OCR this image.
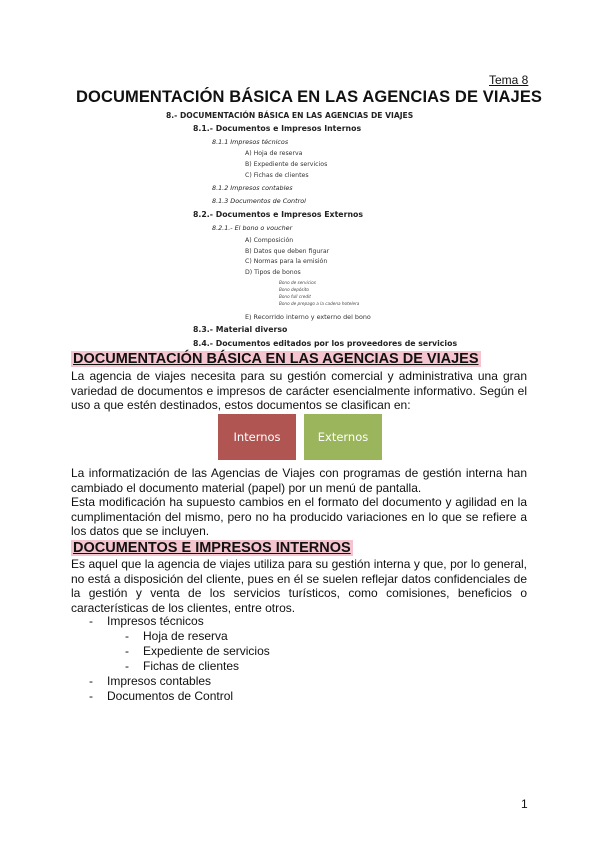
Tema 8
DOCUMENTACIÓN BÁSICA EN LAS AGENCIAS DE VIAJES
8.- DOCUMENTACIÓN BÁSICA EN LAS AGENCIAS DE VIAJES
8.1.- Documentos e Impresos Internos
8.1.1 Impresos técnicos
A) Hoja de reserva
B) Expediente de servicios
C) Fichas de clientes
8.1.2 Impresos contables
8.1.3 Documentos de Control
8.2.- Documentos e Impresos Externos
8.2.1.- El bono o voucher
A) Composición
B) Datos que deben figurar
C) Normas para la emisión
D) Tipos de bonos
Bono de servicios
Bono depósito
Bono full credit
Bono de prepago a la cadena hotelera
E) Recorrido interno y externo del bono
8.3.- Material diverso
8.4.- Documentos editados por los proveedores de servicios
DOCUMENTACIÓN BÁSICA EN LAS AGENCIAS DE VIAJES
La agencia de viajes necesita para su gestión comercial y administrativa una gran variedad de documentos e impresos de carácter esencialmente informativo. Según el uso a que estén destinados, estos documentos se clasifican en:
Internos	Externos
La informatización de las Agencias de Viajes con programas de gestión interna han cambiado el documento material (papel) por un menú de pantalla.
Esta modificación ha supuesto cambios en el formato del documento y agilidad en la cumplimentación del mismo, pero no ha producido variaciones en lo que se refiere a los datos que se incluyen.
DOCUMENTOS E IMPRESOS INTERNOS
Es aquel que la agencia de viajes utiliza para su gestión interna y que, por lo general, no está a disposición del cliente, pues en él se suelen reflejar datos confidenciales de la gestión y venta de los servicios turísticos, como comisiones, beneficios o características de los clientes, entre otros.
- Impresos técnicos
- Hoja de reserva
- Expediente de servicios
- Fichas de clientes
- Impresos contables
- Documentos de Control
1
